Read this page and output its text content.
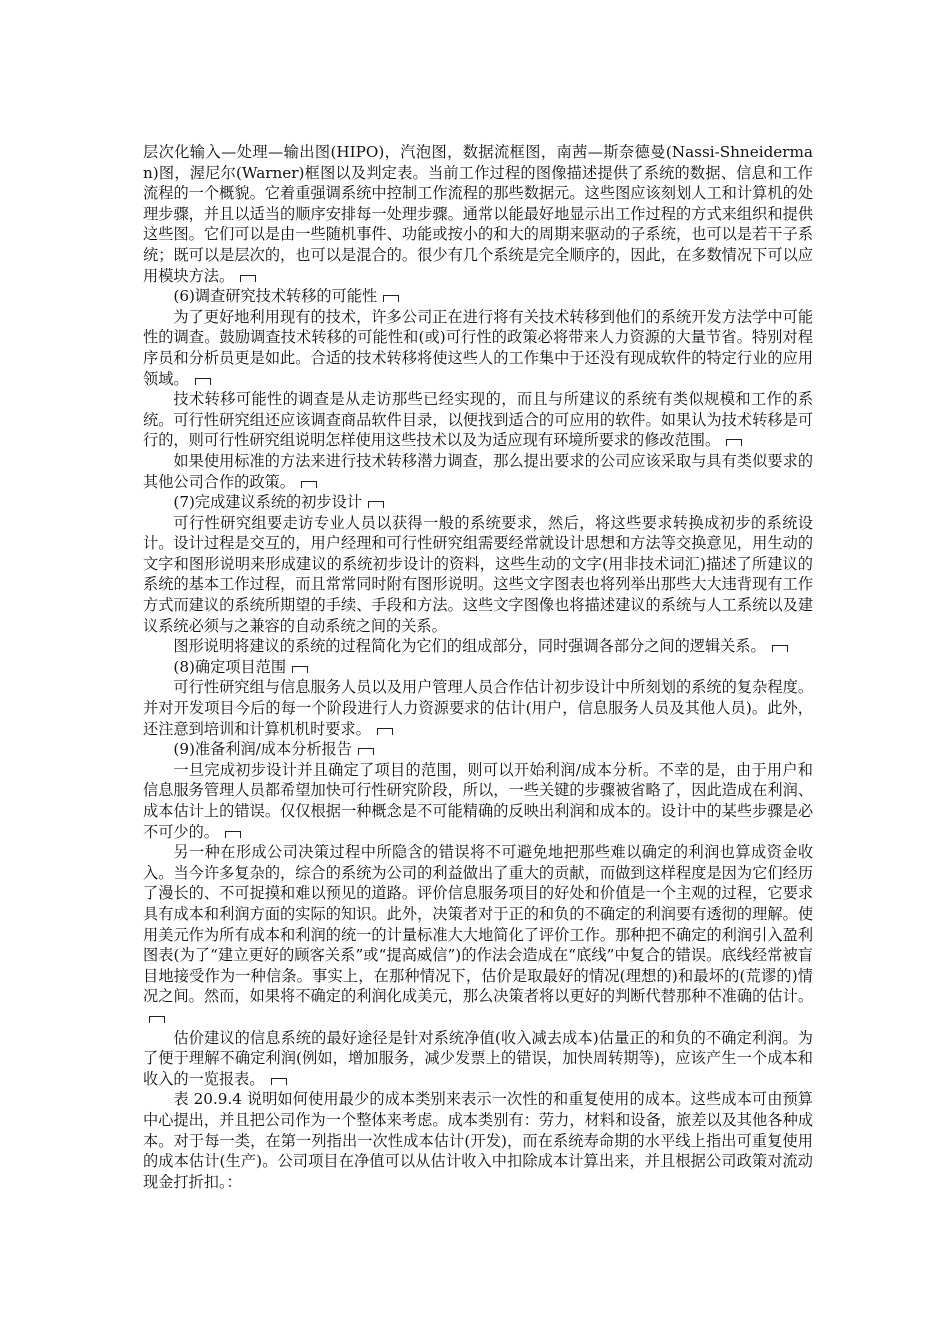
层次化输入—处理—输出图(HIPO)，汽泡图，数据流框图，南茜—斯奈德曼(Nassi-Shneiderman)图，渥尼尔(Warner)框图以及判定表。当前工作过程的图像描述提供了系统的数据、信息和工作流程的一个概貌。它着重强调系统中控制工作流程的那些数据元。这些图应该刻划人工和计算机的处理步骤，并且以适当的顺序安排每一处理步骤。通常以能最好地显示出工作过程的方式来组织和提供这些图。它们可以是由一些随机事件、功能或按小的和大的周期来驱动的子系统，也可以是若干子系统；既可以是层次的，也可以是混合的。很少有几个系统是完全顺序的，因此，在多数情况下可以应用模块方法。

(6)调查研究技术转移的可能性

为了更好地利用现有的技术，许多公司正在进行将有关技术转移到他们的系统开发方法学中可能性的调查。鼓励调查技术转移的可能性和(或)可行性的政策必将带来人力资源的大量节省。特别对程序员和分析员更是如此。合适的技术转移将使这些人的工作集中于还没有现成软件的特定行业的应用领域。

技术转移可能性的调查是从走访那些已经实现的，而且与所建议的系统有类似规模和工作的系统。可行性研究组还应该调查商品软件目录，以便找到适合的可应用的软件。如果认为技术转移是可行的，则可行性研究组说明怎样使用这些技术以及为适应现有环境所要求的修改范围。

如果使用标准的方法来进行技术转移潜力调查，那么提出要求的公司应该采取与具有类似要求的其他公司合作的政策。

(7)完成建议系统的初步设计

可行性研究组要走访专业人员以获得一般的系统要求，然后，将这些要求转换成初步的系统设计。设计过程是交互的，用户经理和可行性研究组需要经常就设计思想和方法等交换意见，用生动的文字和图形说明来形成建议的系统初步设计的资料，这些生动的文字(用非技术词汇)描述了所建议的系统的基本工作过程，而且常常同时附有图形说明。这些文字图表也将列举出那些大大违背现有工作方式而建议的系统所期望的手续、手段和方法。这些文字图像也将描述建议的系统与人工系统以及建议系统必须与之兼容的自动系统之间的关系。

图形说明将建议的系统的过程简化为它们的组成部分，同时强调各部分之间的逻辑关系。

(8)确定项目范围

可行性研究组与信息服务人员以及用户管理人员合作估计初步设计中所刻划的系统的复杂程度。并对开发项目今后的每一个阶段进行人力资源要求的估计(用户，信息服务人员及其他人员)。此外，还注意到培训和计算机机时要求。

(9)准备利润/成本分析报告

一旦完成初步设计并且确定了项目的范围，则可以开始利润/成本分析。不幸的是，由于用户和信息服务管理人员都希望加快可行性研究阶段，所以，一些关键的步骤被省略了，因此造成在利润、成本估计上的错误。仅仅根据一种概念是不可能精确的反映出利润和成本的。设计中的某些步骤是必不可少的。

另一种在形成公司决策过程中所隐含的错误将不可避免地把那些难以确定的利润也算成资金收入。当今许多复杂的，综合的系统为公司的利益做出了重大的贡献，而做到这样程度是因为它们经历了漫长的、不可捉摸和难以预见的道路。评价信息服务项目的好处和价值是一个主观的过程，它要求具有成本和利润方面的实际的知识。此外，决策者对于正的和负的不确定的利润要有透彻的理解。使用美元作为所有成本和利润的统一的计量标准大大地简化了评价工作。那种把不确定的利润引入盈利图表(为了“建立更好的顾客关系”或“提高威信”)的作法会造成在“底线”中复合的错误。底线经常被盲目地接受作为一种信条。事实上，在那种情况下，估价是取最好的情况(理想的)和最坏的(荒谬的)情况之间。然而，如果将不确定的利润化成美元，那么决策者将以更好的判断代替那种不准确的估计。

估价建议的信息系统的最好途径是针对系统净值(收入减去成本)估量正的和负的不确定利润。为了便于理解不确定利润(例如，增加服务，减少发票上的错误，加快周转期等)，应该产生一个成本和收入的一览报表。

表 20.9.4 说明如何使用最少的成本类别来表示一次性的和重复使用的成本。这些成本可由预算中心提出，并且把公司作为一个整体来考虑。成本类别有：劳力，材料和设备，旅差以及其他各种成本。对于每一类，在第一列指出一次性成本估计(开发)，而在系统寿命期的水平线上指出可重复使用的成本估计(生产)。公司项目在净值可以从估计收入中扣除成本计算出来，并且根据公司政策对流动现金打折扣。：
